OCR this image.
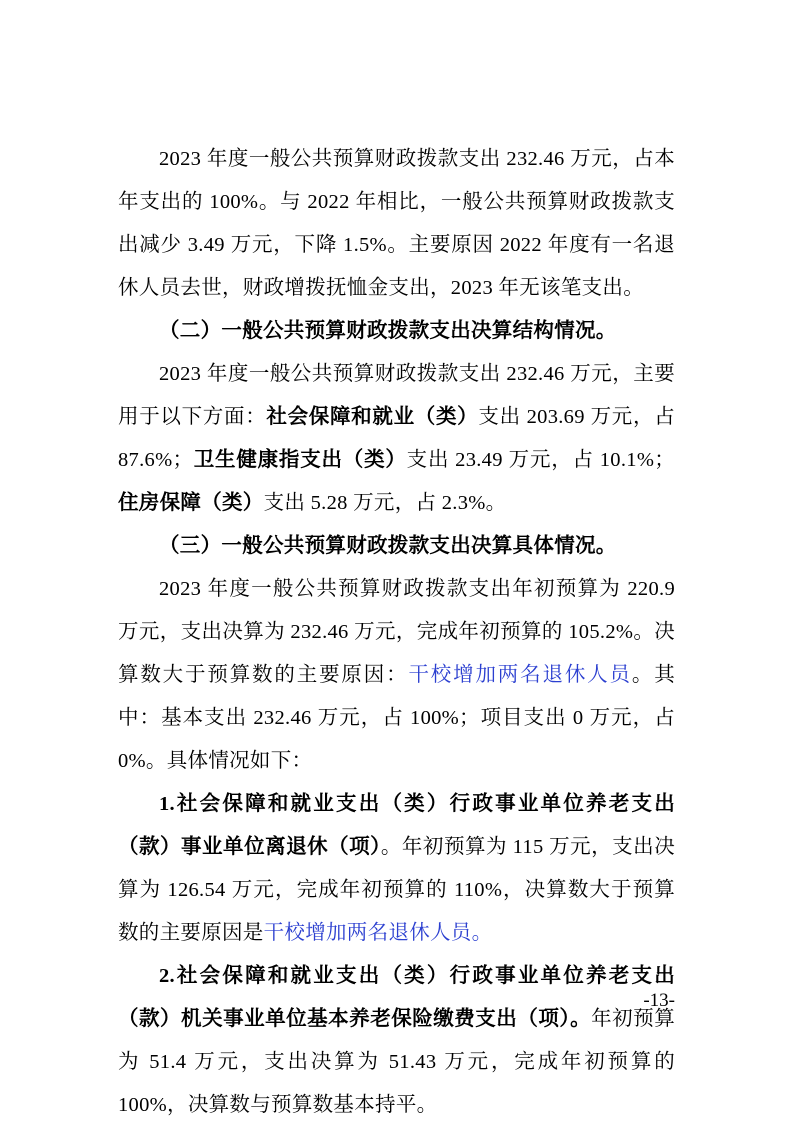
2023 年度一般公共预算财政拨款支出 232.46 万元，占本年支出的 100%。与 2022 年相比，一般公共预算财政拨款支出减少 3.49 万元，下降 1.5%。主要原因 2022 年度有一名退休人员去世，财政增拨抚恤金支出，2023 年无该笔支出。

（二）一般公共预算财政拨款支出决算结构情况。

2023 年度一般公共预算财政拨款支出 232.46 万元，主要用于以下方面：社会保障和就业（类）支出 203.69 万元，占 87.6%；卫生健康指支出（类）支出 23.49 万元，占 10.1%；住房保障（类）支出 5.28 万元，占 2.3%。

（三）一般公共预算财政拨款支出决算具体情况。

2023 年度一般公共预算财政拨款支出年初预算为 220.9 万元，支出决算为 232.46 万元，完成年初预算的 105.2%。决算数大于预算数的主要原因：干校增加两名退休人员。其中：基本支出 232.46 万元，占 100%；项目支出 0 万元，占 0%。具体情况如下：

1.社会保障和就业支出（类）行政事业单位养老支出（款）事业单位离退休（项）。年初预算为 115 万元，支出决算为 126.54 万元，完成年初预算的 110%，决算数大于预算数的主要原因是干校增加两名退休人员。

2.社会保障和就业支出（类）行政事业单位养老支出（款）机关事业单位基本养老保险缴费支出（项）。年初预算为 51.4 万元，支出决算为 51.43 万元，完成年初预算的 100%，决算数与预算数基本持平。

-13-
